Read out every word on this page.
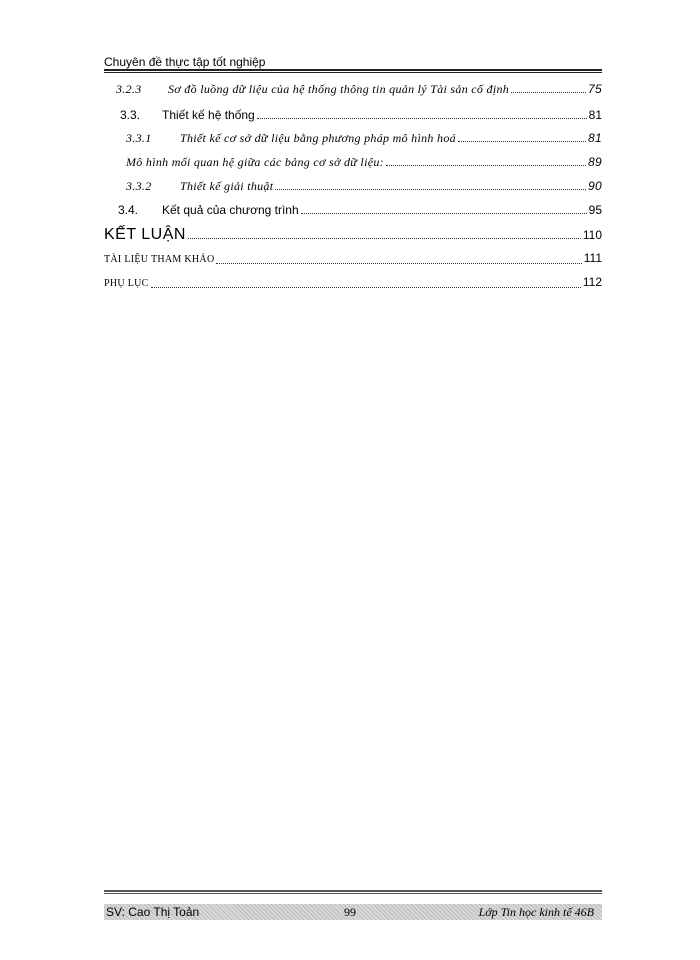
Chuyên đề thực tập tốt nghiệp
3.2.3	Sơ đồ luồng dữ liệu của hệ thống thông tin quản lý Tài sản cố định	75
3.3.	Thiết kế hệ thống	81
3.3.1	Thiết kế cơ sở dữ liệu bằng phương pháp mô hình hoá	81
Mô hình mối quan hệ giữa các bảng cơ sở dữ liệu:	89
3.3.2	Thiết kế giải thuật	90
3.4.	Kết quả của chương trình	95
KẾT LUẬN	110
TÀI LIỆU THAM KHẢO	111
PHỤ LỤC	112
SV: Cao Thị Toản	99	Lớp Tin học kinh tế 46B
